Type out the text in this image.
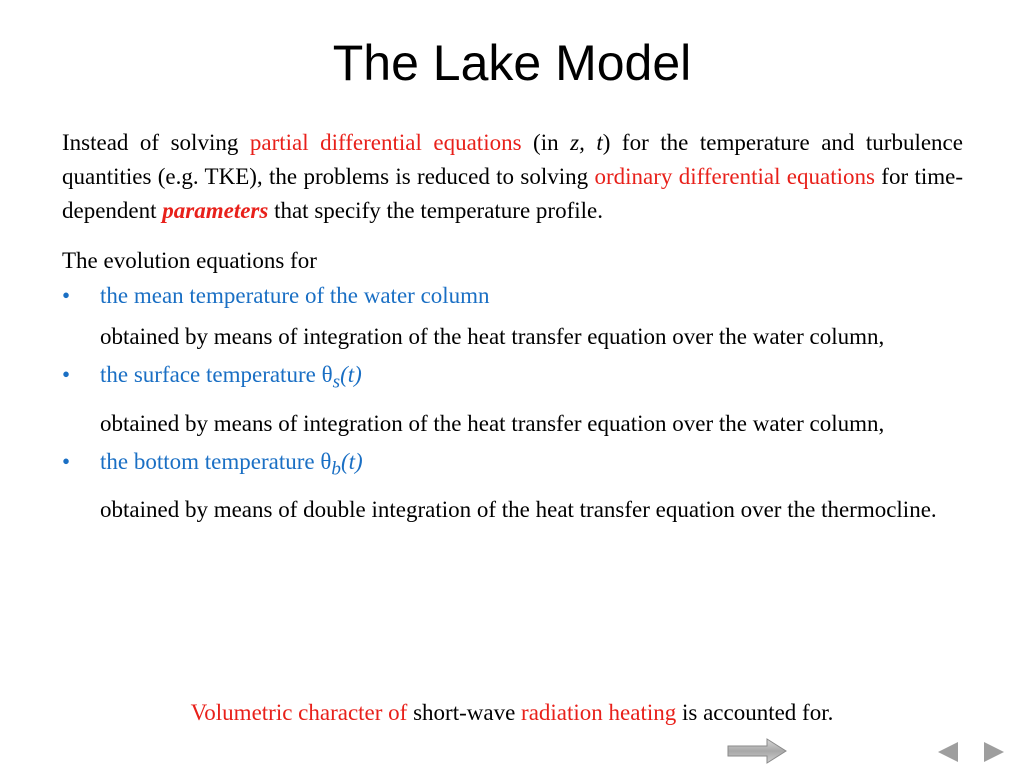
The Lake Model

Instead of solving partial differential equations (in z, t) for the temperature and turbulence quantities (e.g. TKE), the problems is reduced to solving ordinary differential equations for time-dependent parameters that specify the temperature profile.

The evolution equations for
• the mean temperature of the water column
obtained by means of integration of the heat transfer equation over the water column,
• the surface temperature $\theta_s(t)$
obtained by means of integration of the heat transfer equation over the water column,
• the bottom temperature $\theta_b(t)$
obtained by means of double integration of the heat transfer equation over the thermocline.
Volumetric character of short-wave radiation heating is accounted for.
